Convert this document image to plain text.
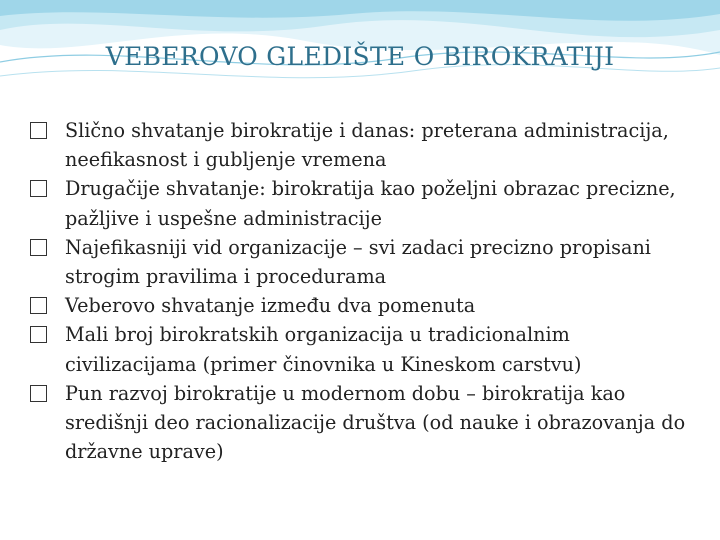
VEBEROVO GLEDIŠTE O BIROKRATIJI
Slično shvatanje birokratije i danas: preterana administracija, neefikasnost i gubljenje vremena
Drugačije shvatanje: birokratija kao poželjni obrazac precizne, pažljive i uspešne administracije
Najefikasniji vid organizacije – svi zadaci precizno propisani strogim pravilima i procedurama
Veberovo shvatanje između dva pomenuta
Mali broj birokratskih organizacija u tradicionalnim civilizacijama (primer činovnika u Kineskom carstvu)
Pun razvoj birokratije u modernom dobu – birokratija kao središnji deo racionalizacije društva (od nauke i obrazovanja do državne uprave)
